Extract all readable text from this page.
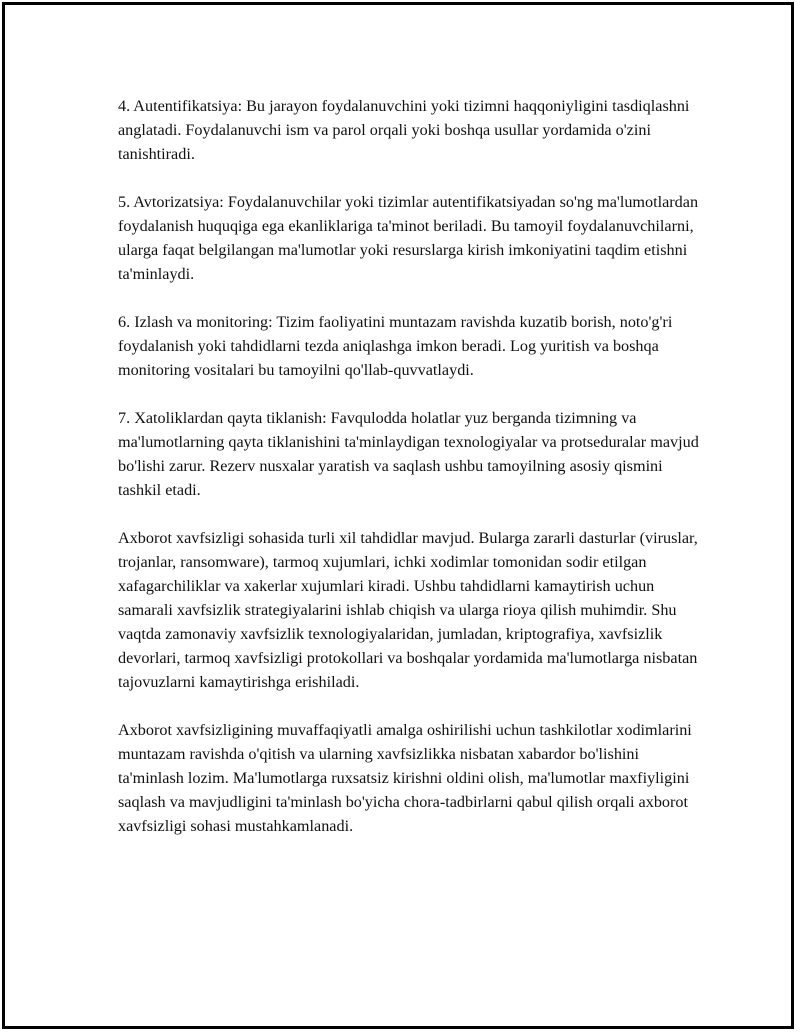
4. Autentifikatsiya: Bu jarayon foydalanuvchini yoki tizimni haqqoniyligini tasdiqlashni anglatadi. Foydalanuvchi ism va parol orqali yoki boshqa usullar yordamida o'zini tanishtiradi.

5. Avtorizatsiya: Foydalanuvchilar yoki tizimlar autentifikatsiyadan so'ng ma'lumotlardan foydalanish huquqiga ega ekanliklariga ta'minot beriladi. Bu tamoyil foydalanuvchilarni, ularga faqat belgilangan ma'lumotlar yoki resurslarga kirish imkoniyatini taqdim etishni ta'minlaydi.

6. Izlash va monitoring: Tizim faoliyatini muntazam ravishda kuzatib borish, noto'g'ri foydalanish yoki tahdidlarni tezda aniqlashga imkon beradi. Log yuritish va boshqa monitoring vositalari bu tamoyilni qo'llab-quvvatlaydi.

7. Xatoliklardan qayta tiklanish: Favqulodda holatlar yuz berganda tizimning va ma'lumotlarning qayta tiklanishini ta'minlaydigan texnologiyalar va protseduralar mavjud bo'lishi zarur. Rezerv nusxalar yaratish va saqlash ushbu tamoyilning asosiy qismini tashkil etadi.

Axborot xavfsizligi sohasida turli xil tahdidlar mavjud. Bularga zararli dasturlar (viruslar, trojanlar, ransomware), tarmoq xujumlari, ichki xodimlar tomonidan sodir etilgan xafagarchiliklar va xakerlar xujumlari kiradi. Ushbu tahdidlarni kamaytirish uchun samarali xavfsizlik strategiyalarini ishlab chiqish va ularga rioya qilish muhimdir. Shu vaqtda zamonaviy xavfsizlik texnologiyalaridan, jumladan, kriptografiya, xavfsizlik devorlari, tarmoq xavfsizligi protokollari va boshqalar yordamida ma'lumotlarga nisbatan tajovuzlarni kamaytirishga erishiladi.

Axborot xavfsizligining muvaffaqiyatli amalga oshirilishi uchun tashkilotlar xodimlarini muntazam ravishda o'qitish va ularning xavfsizlikka nisbatan xabardor bo'lishini ta'minlash lozim. Ma'lumotlarga ruxsatsiz kirishni oldini olish, ma'lumotlar maxfiyligini saqlash va mavjudligini ta'minlash bo'yicha chora-tadbirlarni qabul qilish orqali axborot xavfsizligi sohasi mustahkamlanadi.
